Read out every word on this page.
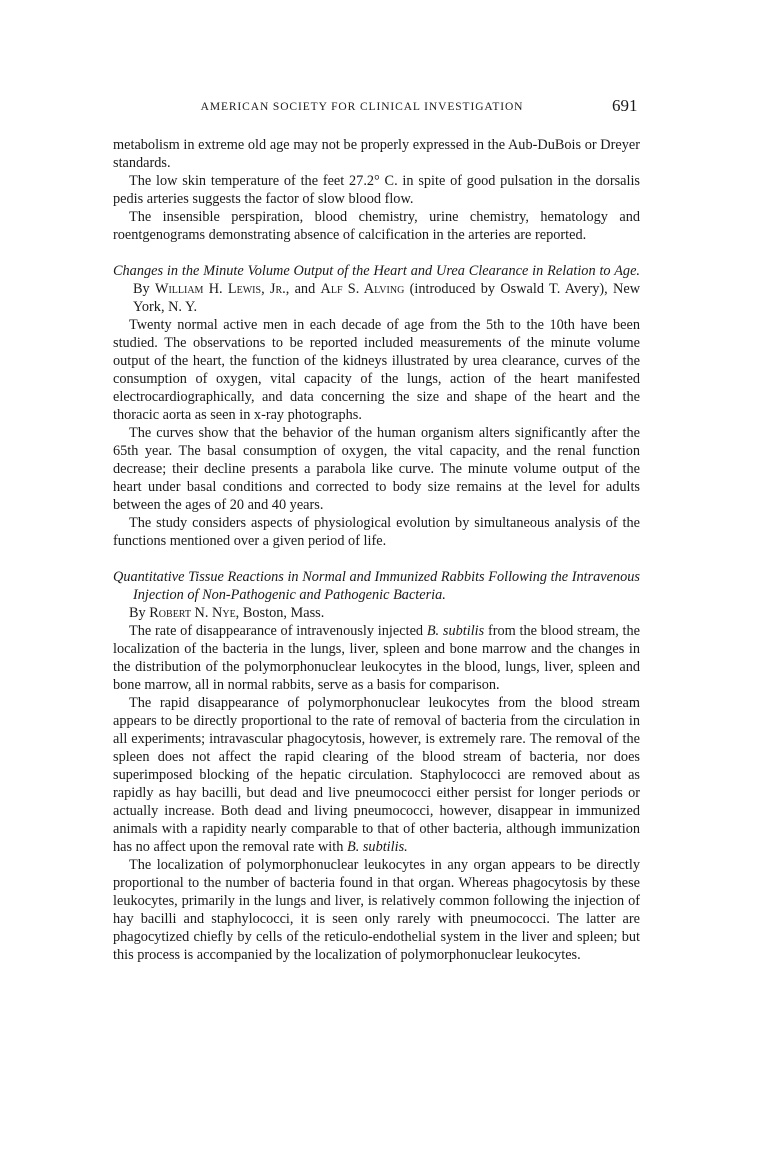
AMERICAN SOCIETY FOR CLINICAL INVESTIGATION	691

metabolism in extreme old age may not be properly expressed in the Aub-DuBois or Dreyer standards.

The low skin temperature of the feet 27.2° C. in spite of good pulsation in the dorsalis pedis arteries suggests the factor of slow blood flow.

The insensible perspiration, blood chemistry, urine chemistry, hematology and roentgenograms demonstrating absence of calcification in the arteries are reported.

Changes in the Minute Volume Output of the Heart and Urea Clearance in Relation to Age. By William H. Lewis, Jr., and Alf S. Alving (introduced by Oswald T. Avery), New York, N. Y.

Twenty normal active men in each decade of age from the 5th to the 10th have been studied. The observations to be reported included measurements of the minute volume output of the heart, the function of the kidneys illustrated by urea clearance, curves of the consumption of oxygen, vital capacity of the lungs, action of the heart manifested electrocardiographically, and data concerning the size and shape of the heart and the thoracic aorta as seen in x-ray photographs.

The curves show that the behavior of the human organism alters significantly after the 65th year. The basal consumption of oxygen, the vital capacity, and the renal function decrease; their decline presents a parabola like curve. The minute volume output of the heart under basal conditions and corrected to body size remains at the level for adults between the ages of 20 and 40 years.

The study considers aspects of physiological evolution by simultaneous analysis of the functions mentioned over a given period of life.

Quantitative Tissue Reactions in Normal and Immunized Rabbits Following the Intravenous Injection of Non-Pathogenic and Pathogenic Bacteria.

By Robert N. Nye, Boston, Mass.

The rate of disappearance of intravenously injected B. subtilis from the blood stream, the localization of the bacteria in the lungs, liver, spleen and bone marrow and the changes in the distribution of the polymorphonuclear leukocytes in the blood, lungs, liver, spleen and bone marrow, all in normal rabbits, serve as a basis for comparison.

The rapid disappearance of polymorphonuclear leukocytes from the blood stream appears to be directly proportional to the rate of removal of bacteria from the circulation in all experiments; intravascular phagocytosis, however, is extremely rare. The removal of the spleen does not affect the rapid clearing of the blood stream of bacteria, nor does superimposed blocking of the hepatic circulation. Staphylococci are removed about as rapidly as hay bacilli, but dead and live pneumococci either persist for longer periods or actually increase. Both dead and living pneumococci, however, disappear in immunized animals with a rapidity nearly comparable to that of other bacteria, although immunization has no affect upon the removal rate with B. subtilis.

The localization of polymorphonuclear leukocytes in any organ appears to be directly proportional to the number of bacteria found in that organ. Whereas phagocytosis by these leukocytes, primarily in the lungs and liver, is relatively common following the injection of hay bacilli and staphylococci, it is seen only rarely with pneumococci. The latter are phagocytized chiefly by cells of the reticulo-endothelial system in the liver and spleen; but this process is accompanied by the localization of polymorphonuclear leukocytes.
